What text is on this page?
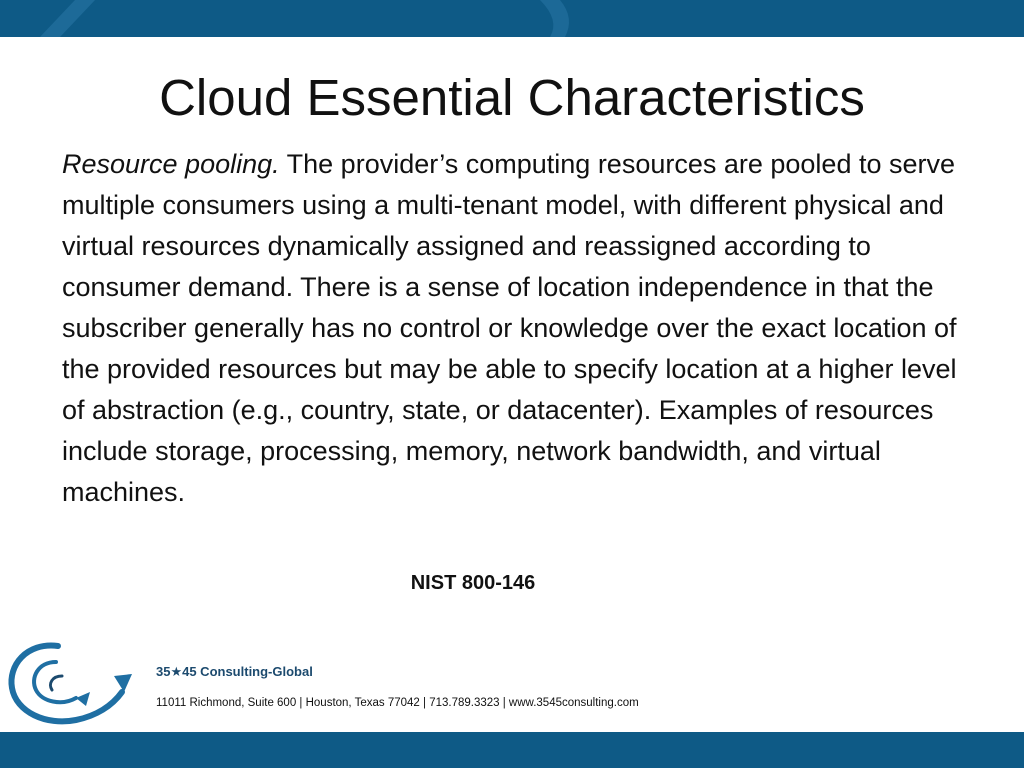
Cloud Essential Characteristics
Resource pooling. The provider’s computing resources are pooled to serve multiple consumers using a multi-tenant model, with different physical and virtual resources dynamically assigned and reassigned according to consumer demand. There is a sense of location independence in that the subscriber generally has no control or knowledge over the exact location of the provided resources but may be able to specify location at a higher level of abstraction (e.g., country, state, or datacenter). Examples of resources include storage, processing, memory, network bandwidth, and virtual machines.
NIST 800-146
35★45 Consulting-Global
11011 Richmond, Suite 600 | Houston, Texas 77042 | 713.789.3323 | www.3545consulting.com
